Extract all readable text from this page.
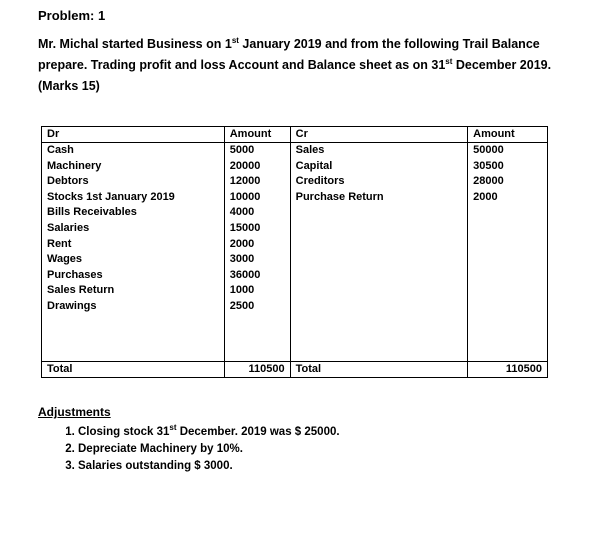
Problem: 1
Mr. Michal started Business on 1st January 2019 and from the following Trail Balance prepare. Trading profit and loss Account and Balance sheet as on 31st December 2019. (Marks 15)
Dr	Amount	Cr	Amount
Cash	5000	Sales	50000
Machinery	20000	Capital	30500
Debtors	12000	Creditors	28000
Stocks 1st January 2019	10000	Purchase Return	2000
Bills Receivables	4000		
Salaries	15000		
Rent	2000		
Wages	3000		
Purchases	36000		
Sales Return	1000		
Drawings	2500		

Total	110500	Total	110500
Adjustments
1. Closing stock 31st December. 2019 was $ 25000.
2. Depreciate Machinery by 10%.
3. Salaries outstanding $ 3000.
